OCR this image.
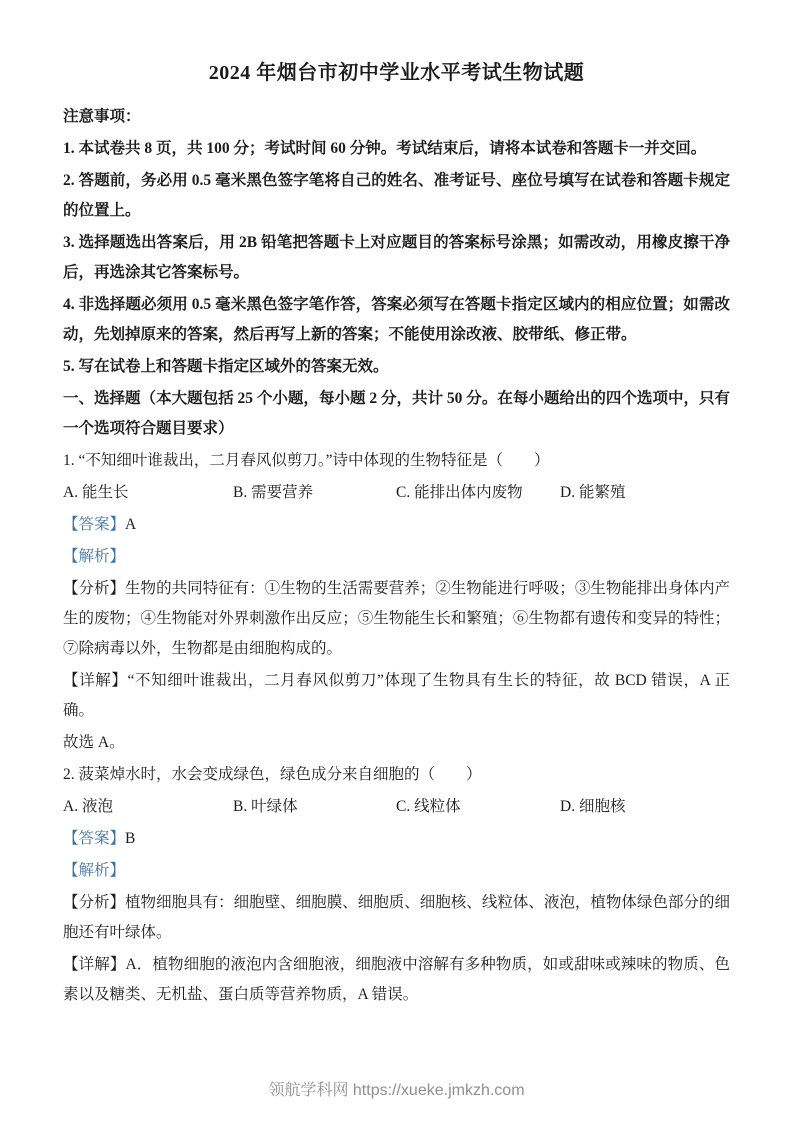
2024 年烟台市初中学业水平考试生物试题

注意事项：

1. 本试卷共 8 页，共 100 分；考试时间 60 分钟。考试结束后，请将本试卷和答题卡一并交回。

2. 答题前，务必用 0.5 毫米黑色签字笔将自己的姓名、准考证号、座位号填写在试卷和答题卡规定的位置上。

3. 选择题选出答案后，用 2B 铅笔把答题卡上对应题目的答案标号涂黑；如需改动，用橡皮擦干净后，再选涂其它答案标号。

4. 非选择题必须用 0.5 毫米黑色签字笔作答，答案必须写在答题卡指定区域内的相应位置；如需改动，先划掉原来的答案，然后再写上新的答案；不能使用涂改液、胶带纸、修正带。

5. 写在试卷上和答题卡指定区域外的答案无效。

一、选择题（本大题包括 25 个小题，每小题 2 分，共计 50 分。在每小题给出的四个选项中，只有一个选项符合题目要求）

1. “不知细叶谁裁出，二月春风似剪刀。”诗中体现的生物特征是（　　）

A. 能生长	B. 需要营养	C. 能排出体内废物	D. 能繁殖

【答案】A

【解析】

【分析】生物的共同特征有：①生物的生活需要营养；②生物能进行呼吸；③生物能排出身体内产生的废物；④生物能对外界刺激作出反应；⑤生物能生长和繁殖；⑥生物都有遗传和变异的特性；⑦除病毒以外，生物都是由细胞构成的。

【详解】“不知细叶谁裁出，二月春风似剪刀”体现了生物具有生长的特征，故 BCD 错误，A 正确。

故选 A。

2. 菠菜焯水时，水会变成绿色，绿色成分来自细胞的（　　）

A. 液泡	B. 叶绿体	C. 线粒体	D. 细胞核

【答案】B

【解析】

【分析】植物细胞具有：细胞壁、细胞膜、细胞质、细胞核、线粒体、液泡，植物体绿色部分的细胞还有叶绿体。

【详解】A．植物细胞的液泡内含细胞液，细胞液中溶解有多种物质，如或甜味或辣味的物质、色素以及糖类、无机盐、蛋白质等营养物质，A 错误。

领航学科网 https://xueke.jmkzh.com
